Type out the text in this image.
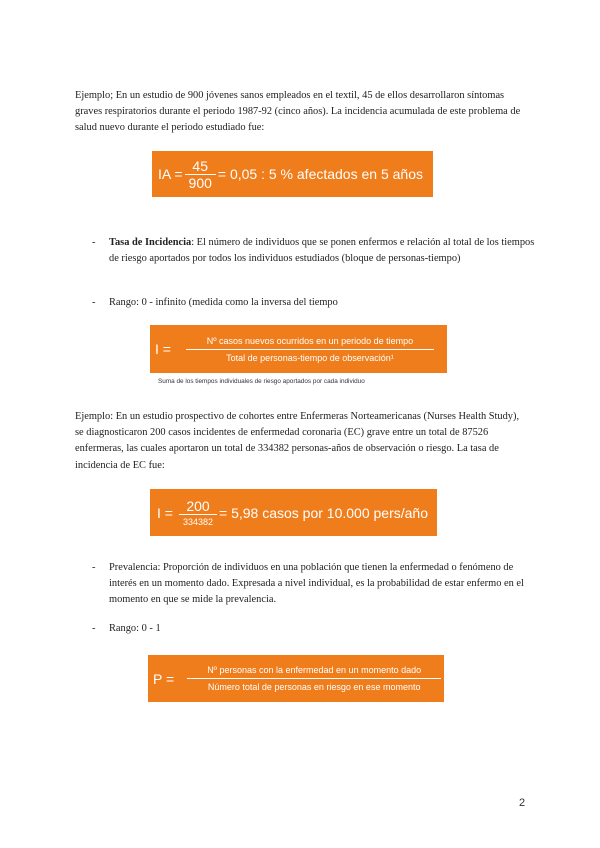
Ejemplo; En un estudio de 900 jóvenes sanos empleados en el textil, 45 de ellos desarrollaron síntomas graves respiratorios durante el periodo 1987-92 (cinco años). La incidencia acumulada de este problema de salud nuevo durante el periodo estudiado fue:

IA = $\frac{45}{900} = 0,05$ : 5 % afectados en 5 años
- Tasa de Incidencia: El número de individuos que se ponen enfermos e relación al total de los tiempos de riesgo aportados por todos los individuos estudiados (bloque de personas-tiempo)
- Rango: 0 - infinito (medida como la inversa del tiempo
$I = \frac{\text{Nº casos nuevos ocurridos en un periodo de tiempo}}{\text{Total de personas-tiempo de observación¹}}$
Suma de los tiempos individuales de riesgo aportados por cada individuo

Ejemplo: En un estudio prospectivo de cohortes entre Enfermeras Norteamericanas (Nurses Health Study), se diagnosticaron 200 casos incidentes de enfermedad coronaria (EC) grave entre un total de 87526 enfermeras, las cuales aportaron un total de 334382 personas-años de observación o riesgo. La tasa de incidencia de EC fue:

$I = \frac{200}{334382} = 5,98$ casos por 10.000 pers/año
- Prevalencia: Proporción de individuos en una población que tienen la enfermedad o fenómeno de interés en un momento dado. Expresada a nivel individual, es la probabilidad de estar enfermo en el momento en que se mide la prevalencia.
- Rango: 0 - 1
$P = \frac{\text{Nº personas con la enfermedad en un momento dado}}{\text{Número total de personas en riesgo en ese momento}}$
2
